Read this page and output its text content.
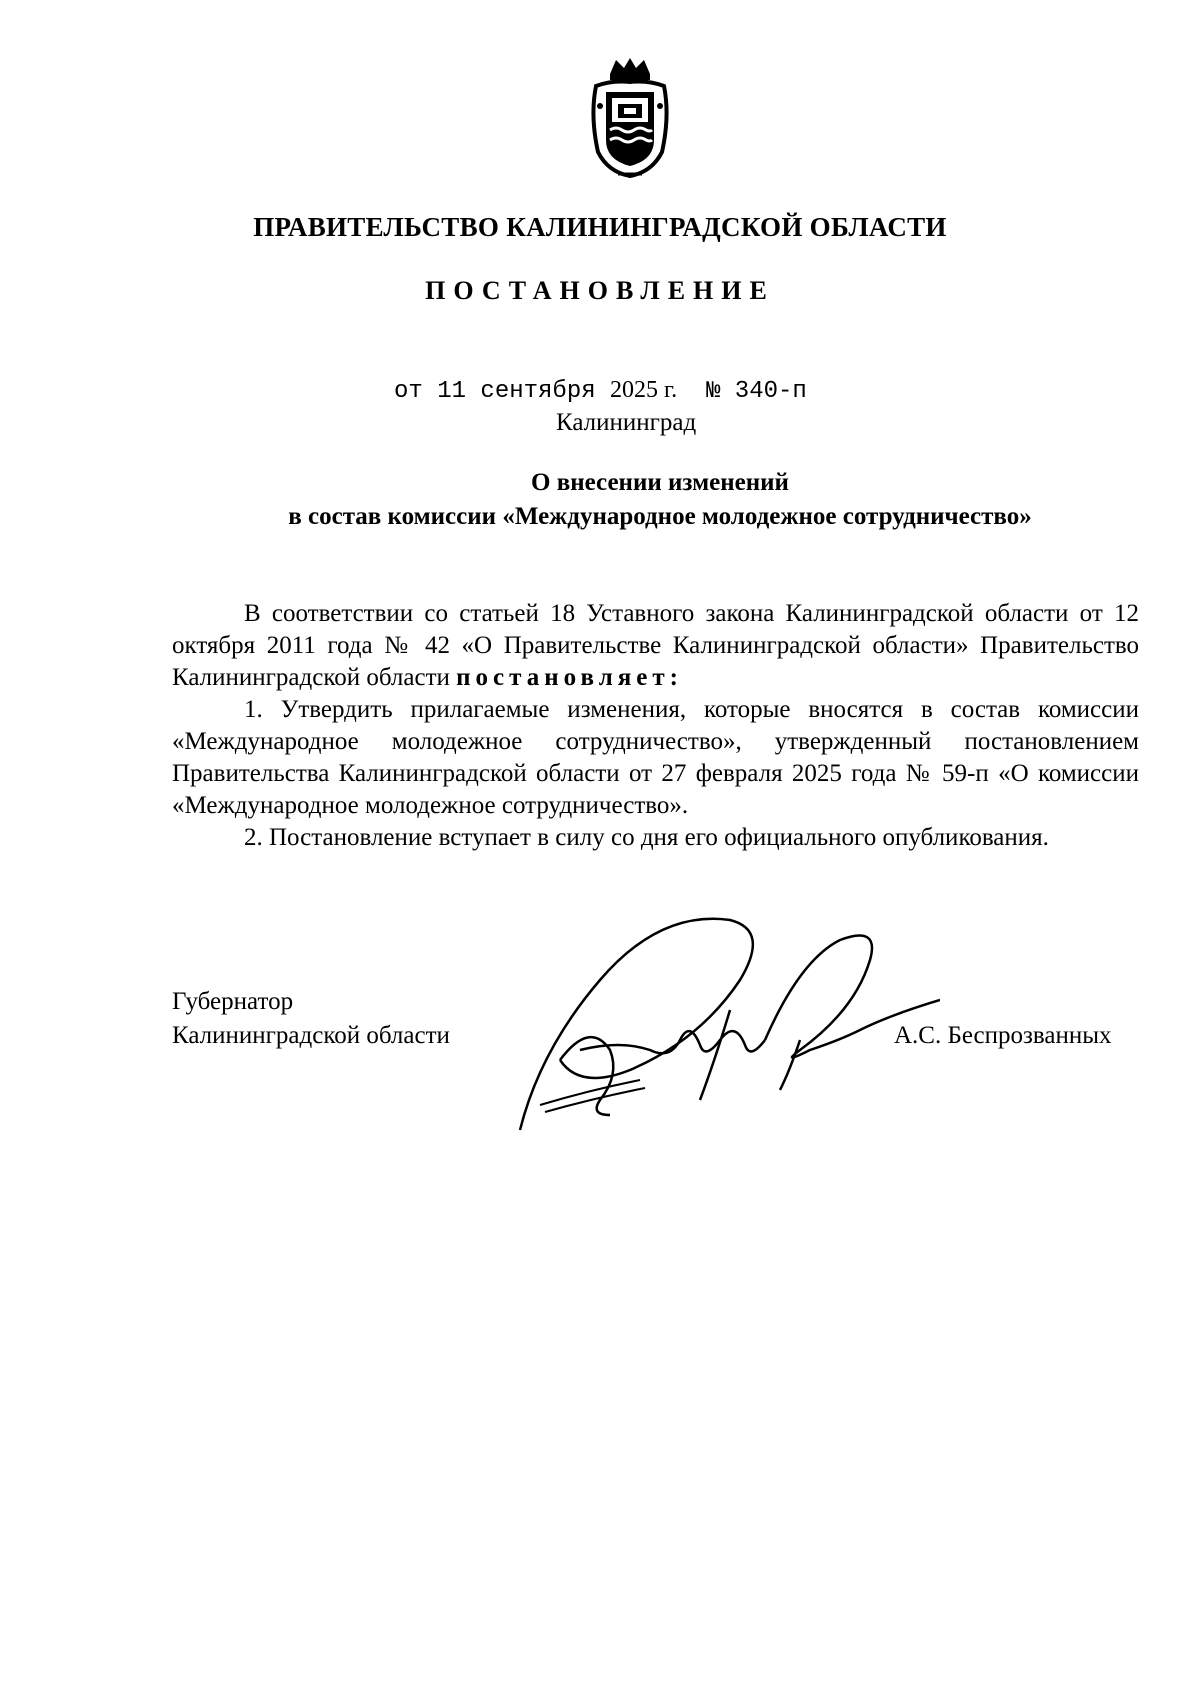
ПРАВИТЕЛЬСТВО КАЛИНИНГРАДСКОЙ ОБЛАСТИ
ПОСТАНОВЛЕНИЕ
от 11 сентября 2025 г.  № 340-п
Калининград
О внесении изменений
в состав комиссии «Международное молодежное сотрудничество»

В соответствии со статьей 18 Уставного закона Калининградской области от 12 октября 2011 года № 42 «О Правительстве Калининградской области» Правительство Калининградской области постановляет:

1. Утвердить прилагаемые изменения, которые вносятся в состав комиссии «Международное молодежное сотрудничество», утвержденный постановлением Правительства Калининградской области от 27 февраля 2025 года № 59-п «О комиссии «Международное молодежное сотрудничество».

2. Постановление вступает в силу со дня его официального опубликования.

Губернатор
Калининградской области	А.С. Беспрозванных
